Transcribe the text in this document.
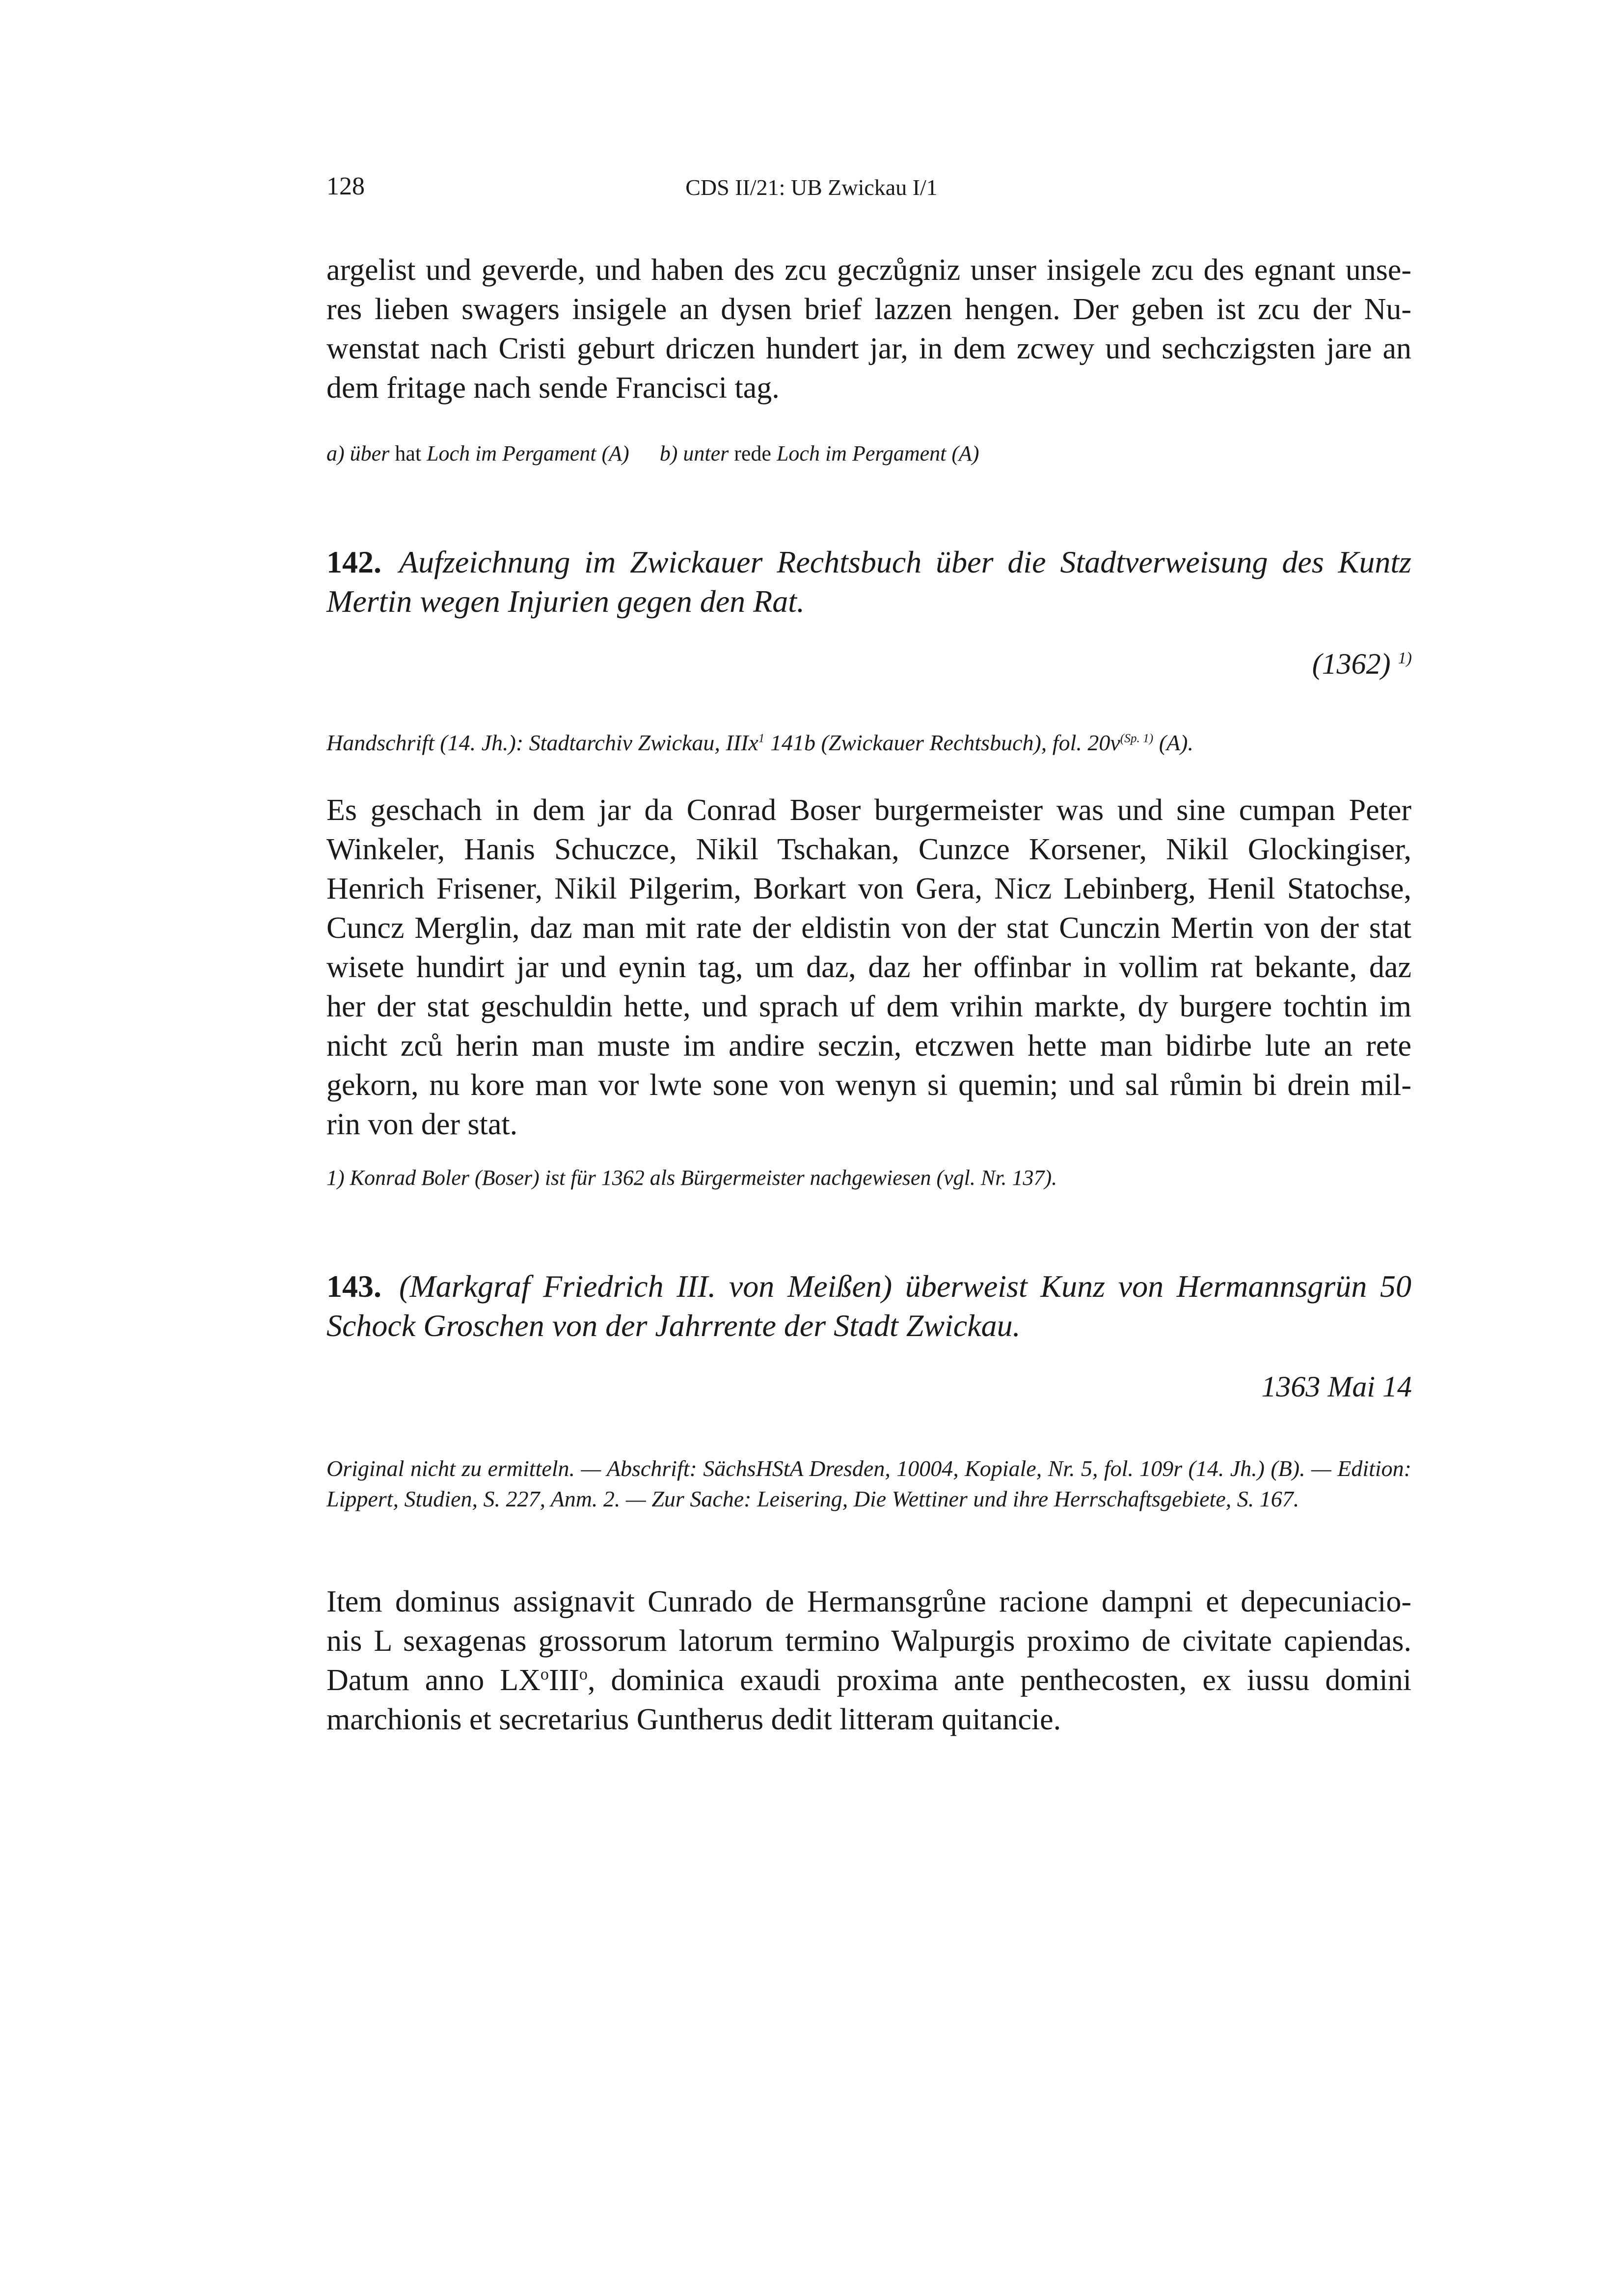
128	CDS II/21: UB Zwickau I/1
argelist und geverde, und haben des zcu geczůgniz unser insigele zcu des egnant unse-
res lieben swagers insigele an dysen brief lazzen hengen. Der geben ist zcu der Nu-
wenstat nach Cristi geburt driczen hundert jar, in dem zcwey und sechczigsten jare an
dem fritage nach sende Francisci tag.
a) über hat Loch im Pergament (A) b) unter rede Loch im Pergament (A)
142. Aufzeichnung im Zwickauer Rechtsbuch über die Stadtverweisung des Kuntz Mertin wegen Injurien gegen den Rat.
(1362) $^{1)}$
Handschrift (14. Jh.): Stadtarchiv Zwickau, IIIx$^1$ 141b (Zwickauer Rechtsbuch), fol. $20v^{(Sp. 1)}$ (A).
Es geschach in dem jar da Conrad Boser burgermeister was und sine cumpan Peter
Winkeler, Hanis Schuczce, Nikil Tschakan, Cunzce Korsener, Nikil Glockingiser,
Henrich Frisener, Nikil Pilgerim, Borkart von Gera, Nicz Lebinberg, Henil Statochse,
Cuncz Merglin, daz man mit rate der eldistin von der stat Cunczin Mertin von der stat
wisete hundirt jar und eynin tag, um daz, daz her offinbar in vollim rat bekante, daz
her der stat geschuldin hette, und sprach uf dem vrihin markte, dy burgere tochtin im
nicht zců herin man muste im andire seczin, etczwen hette man bidirbe lute an rete
gekorn, nu kore man vor lwte sone von wenyn si quemin; und sal růmin bi drein mil-
rin von der stat.
1) Konrad Boler (Boser) ist für 1362 als Bürgermeister nachgewiesen (vgl. Nr. 137).
143. (Markgraf Friedrich III. von Meißen) überweist Kunz von Hermannsgrün 50 Schock Groschen von der Jahrrente der Stadt Zwickau.
1363 Mai 14
Original nicht zu ermitteln. — Abschrift: SächsHStA Dresden, 10004, Kopiale, Nr. 5, fol. 109r (14. Jh.) (B). — Edition: Lippert, Studien, S. 227, Anm. 2. — Zur Sache: Leisering, Die Wettiner und ihre Herrschaftsgebiete, S. 167.
Item dominus assignavit Cunrado de Hermansgrůne racione dampni et depecuniacio-
nis L sexagenas grossorum latorum termino Walpurgis proximo de civitate capiendas.
Datum anno $LX^oIII^o$, dominica exaudi proxima ante penthecosten, ex iussu domini
marchionis et secretarius Guntherus dedit litteram quitancie.
